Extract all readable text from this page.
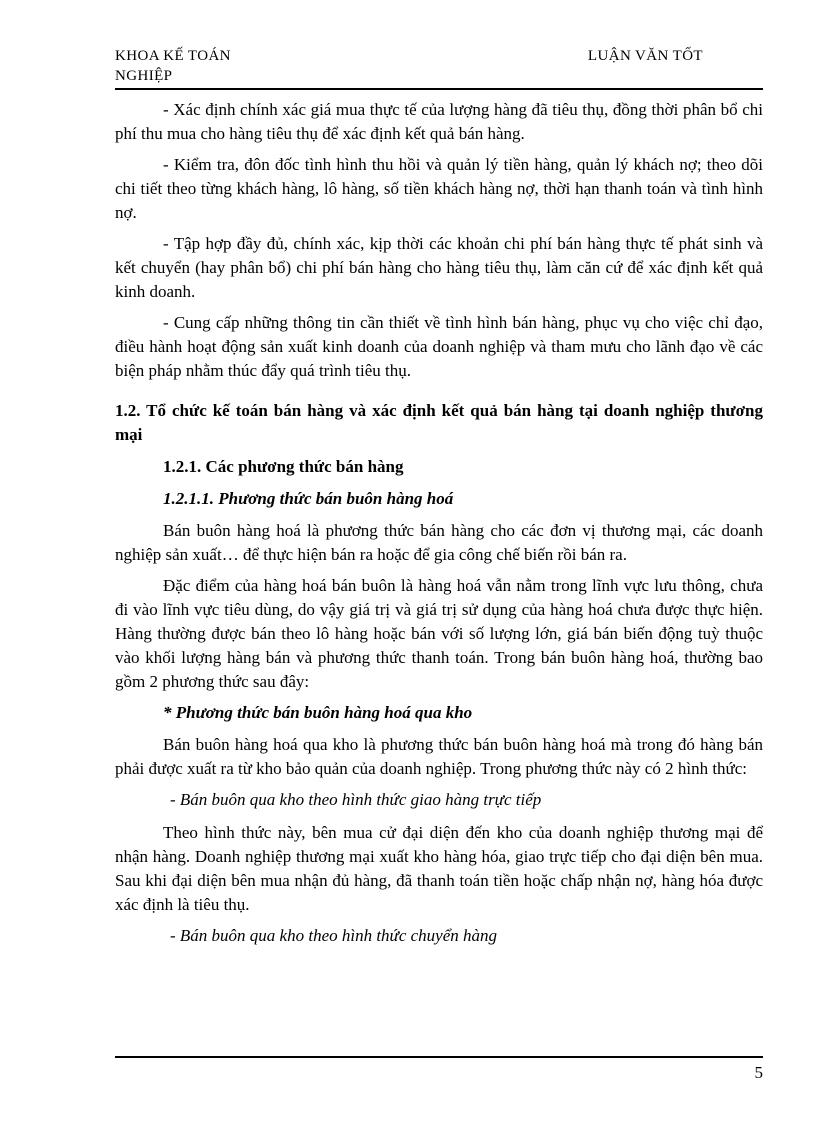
KHOA KẾ TOÁN	LUẬN VĂN TỐT
NGHIỆP

- Xác định chính xác giá mua thực tế của lượng hàng đã tiêu thụ, đồng thời phân bổ chi phí thu mua cho hàng tiêu thụ để xác định kết quả bán hàng.

- Kiểm tra, đôn đốc tình hình thu hồi và quản lý tiền hàng, quản lý khách nợ; theo dõi chi tiết theo từng khách hàng, lô hàng, số tiền khách hàng nợ, thời hạn thanh toán và tình hình nợ.

- Tập hợp đầy đủ, chính xác, kịp thời các khoản chi phí bán hàng thực tế phát sinh và kết chuyển (hay phân bổ) chi phí bán hàng cho hàng tiêu thụ, làm căn cứ để xác định kết quả kinh doanh.

- Cung cấp những thông tin cần thiết về tình hình bán hàng, phục vụ cho việc chỉ đạo, điều hành hoạt động sản xuất kinh doanh của doanh nghiệp và tham mưu cho lãnh đạo về các biện pháp nhằm thúc đẩy quá trình tiêu thụ.

1.2. Tổ chức kế toán bán hàng và xác định kết quả bán hàng tại doanh nghiệp thương mại

1.2.1. Các phương thức bán hàng

1.2.1.1. Phương thức bán buôn hàng hoá

Bán buôn hàng hoá là phương thức bán hàng cho các đơn vị thương mại, các doanh nghiệp sản xuất… để thực hiện bán ra hoặc để gia công chế biến rồi bán ra.

Đặc điểm của hàng hoá bán buôn là hàng hoá vẫn nằm trong lĩnh vực lưu thông, chưa đi vào lĩnh vực tiêu dùng, do vậy giá trị và giá trị sử dụng của hàng hoá chưa được thực hiện. Hàng thường được bán theo lô hàng hoặc bán với số lượng lớn, giá bán biến động tuỳ thuộc vào khối lượng hàng bán và phương thức thanh toán. Trong bán buôn hàng hoá, thường bao gồm 2 phương thức sau đây:

* Phương thức bán buôn hàng hoá qua kho

Bán buôn hàng hoá qua kho là phương thức bán buôn hàng hoá mà trong đó hàng bán phải được xuất ra từ kho bảo quản của doanh nghiệp. Trong phương thức này có 2 hình thức:

- Bán buôn qua kho theo hình thức giao hàng trực tiếp

Theo hình thức này, bên mua cử đại diện đến kho của doanh nghiệp thương mại để nhận hàng. Doanh nghiệp thương mại xuất kho hàng hóa, giao trực tiếp cho đại diện bên mua. Sau khi đại diện bên mua nhận đủ hàng, đã thanh toán tiền hoặc chấp nhận nợ, hàng hóa được xác định là tiêu thụ.

- Bán buôn qua kho theo hình thức chuyển hàng

5
